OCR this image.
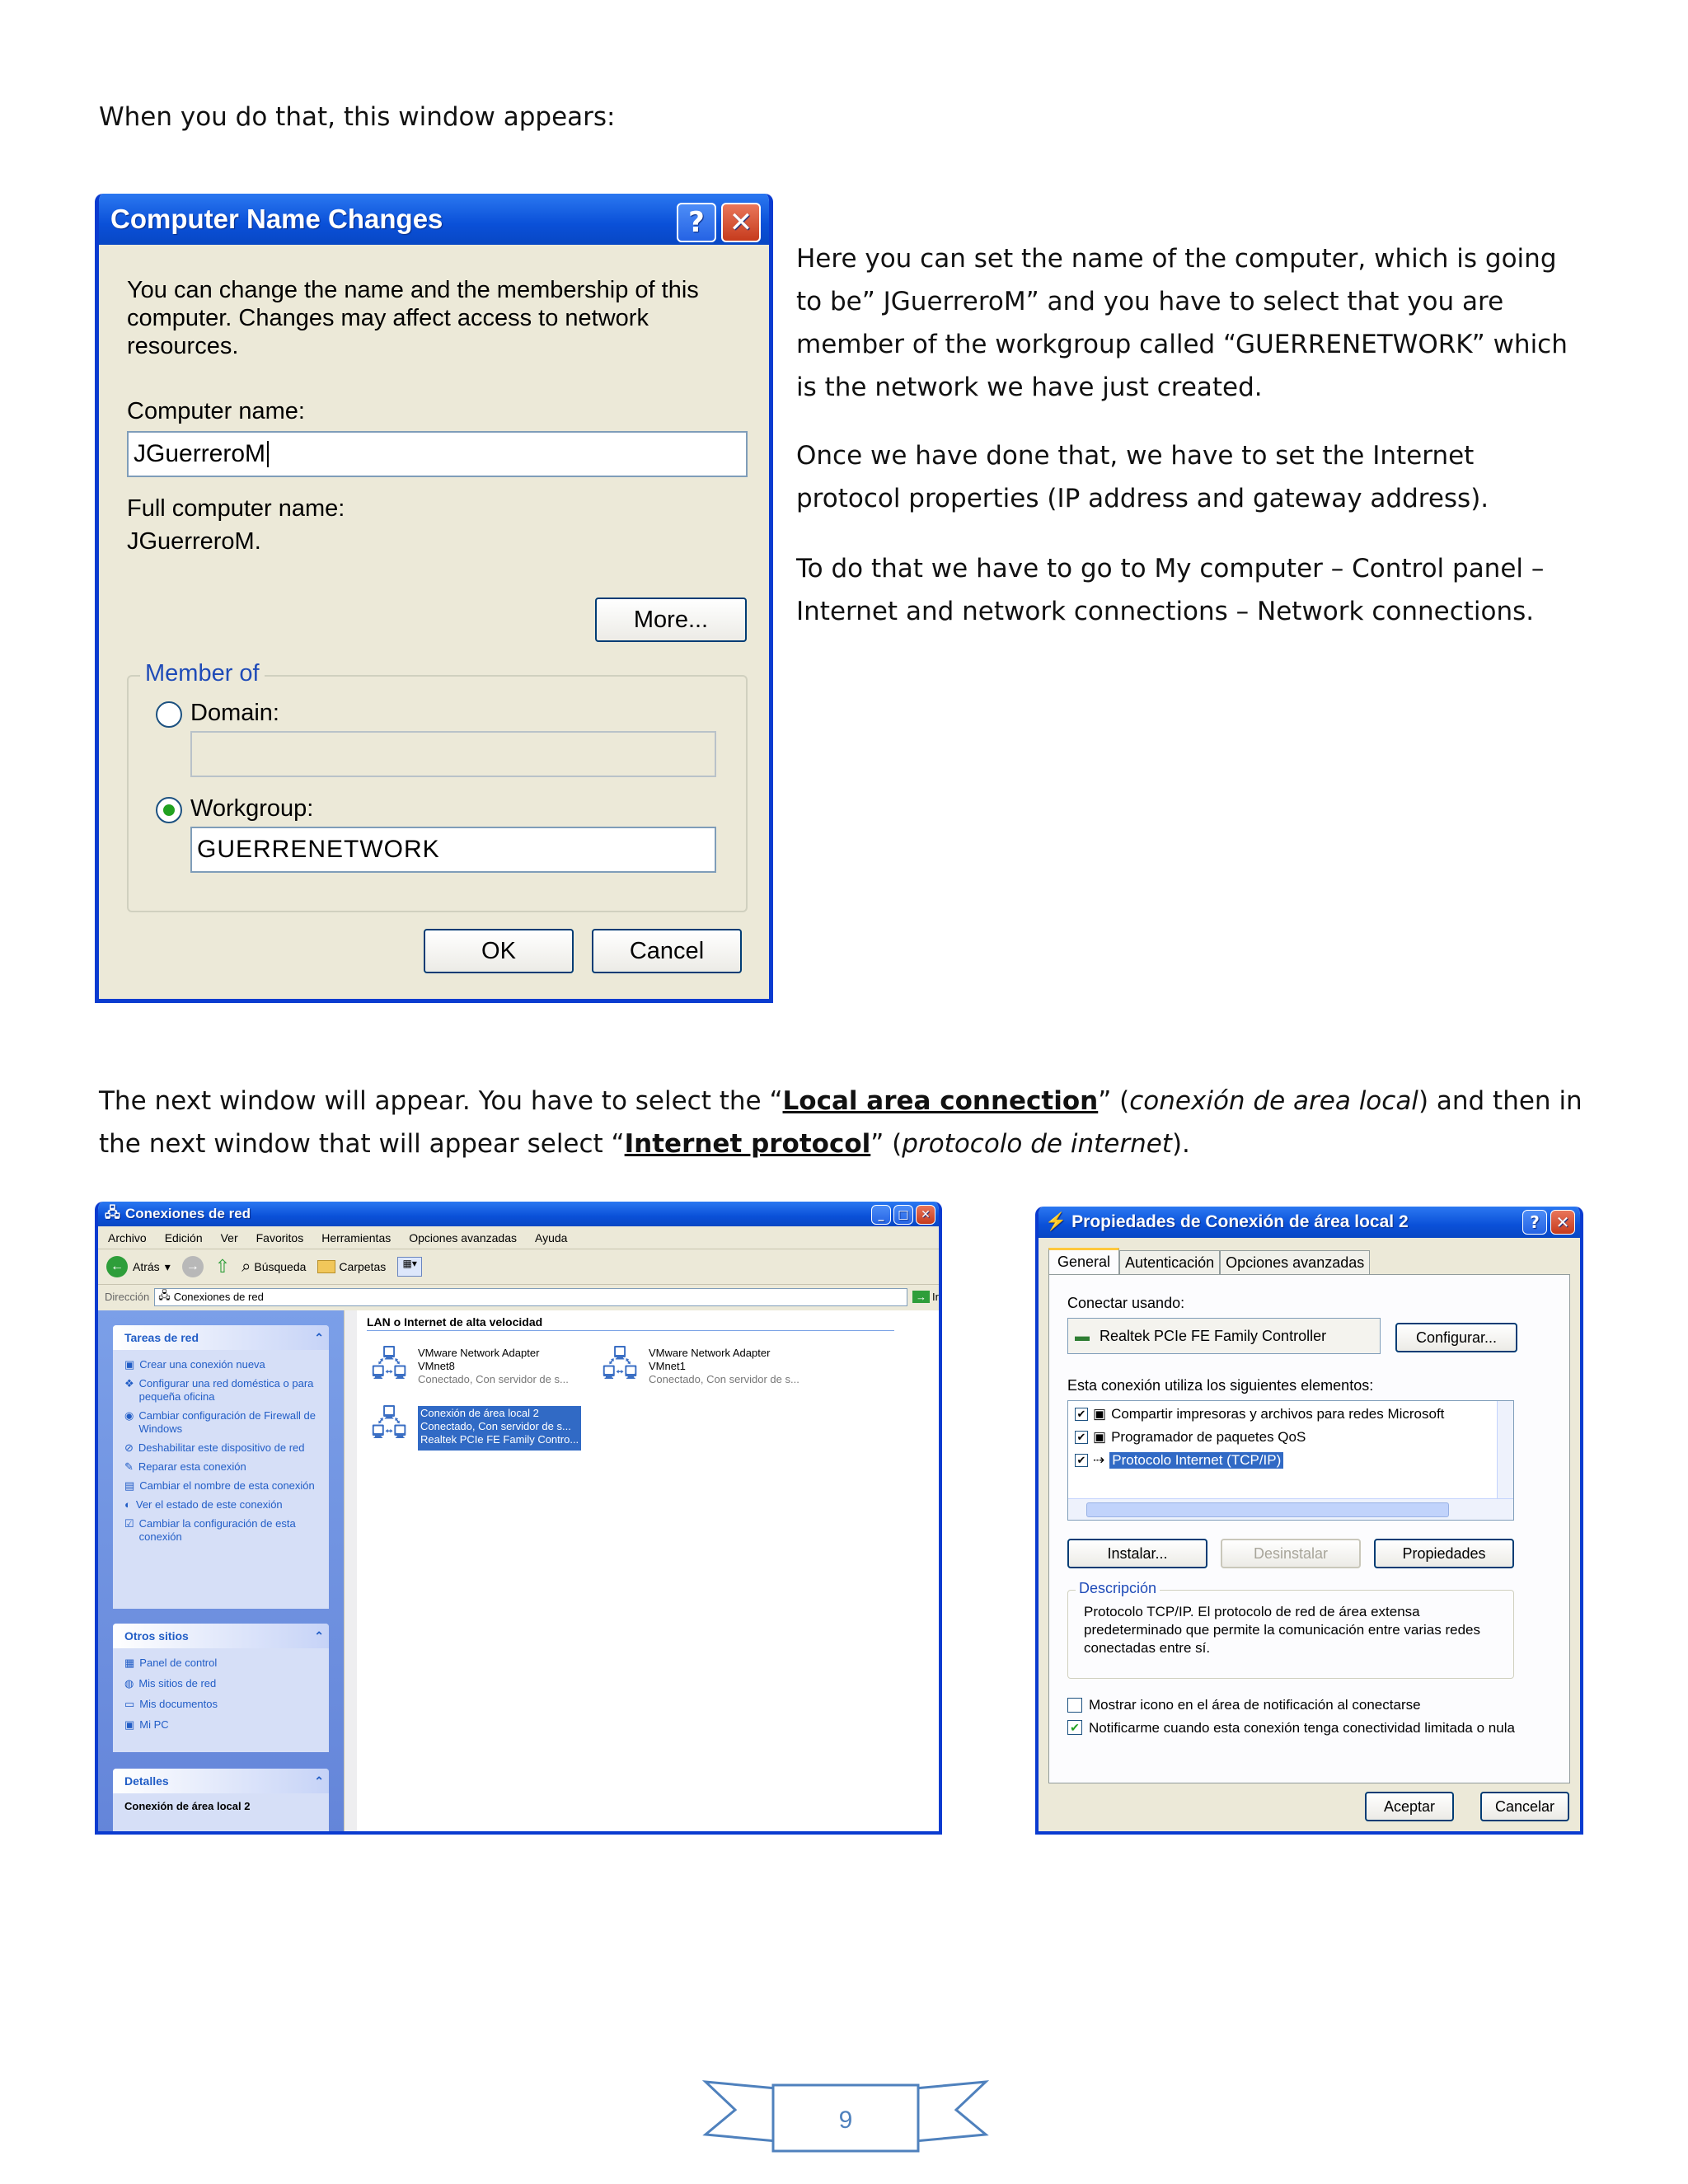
When you do that, this window appears:
Computer Name Changes	? ✕
You can change the name and the membership of this computer. Changes may affect access to network resources.
Computer name:
JGuerreroM
Full computer name:
JGuerreroM.
More...
Member of
Domain:
Workgroup:
GUERRENETWORK
OK	Cancel
Here you can set the name of the computer, which is going to be” JGuerreroM” and you have to select that you are member of the workgroup called “GUERRENETWORK” which is the network we have just created.
Once we have done that, we have to set the Internet protocol properties (IP address and gateway address).
To do that we have to go to My computer – Control panel – Internet and network connections – Network connections.
The next window will appear. You have to select the “Local area connection” (conexión de area local) and then in the next window that will appear select “Internet protocol” (protocolo de internet).
🖧 Conexiones de red	_	□	✕
Archivo Edición Ver Favoritos Herramientas Opciones avanzadas Ayuda
← Atrás ▾	→ ⇧ ⌕ Búsqueda	Carpetas	▦▾
Dirección 🖧 Conexiones de red	→ Ir
Tareas de red	⌃
▣ Crear una conexión nueva
❖ Configurar una red doméstica o para pequeña oficina
◉ Cambiar configuración de Firewall de Windows
⊘ Deshabilitar este dispositivo de red
✎ Reparar esta conexión
▤ Cambiar el nombre de esta conexión
◐ Ver el estado de este conexión
☑ Cambiar la configuración de esta conexión
Otros sitios	⌃
▦ Panel de control
◍ Mis sitios de red
▭ Mis documentos
▣ Mi PC
Detalles	⌃
Conexión de área local 2
LAN o Internet de alta velocidad
🖧 VMware Network Adapter
VMnet8
Conectado, Con servidor de s... 🖧 VMware Network Adapter
VMnet1
Conectado, Con servidor de s...
🖧	Conexión de área local 2
Conectado, Con servidor de s...
Realtek PCIe FE Family Contro...
⚡ Propiedades de Conexión de área local 2	? ✕
General	Autenticación Opciones avanzadas
Conectar usando:
▬ Realtek PCIe FE Family Controller	Configurar...
Esta conexión utiliza los siguientes elementos:
✔ ▣ Compartir impresoras y archivos para redes Microsoft
✔ ▣ Programador de paquetes QoS
✔ ⇢ Protocolo Internet (TCP/IP)
Instalar...	Desinstalar	Propiedades
Descripción
Protocolo TCP/IP. El protocolo de red de área extensa predeterminado que permite la comunicación entre varias redes conectadas entre sí.
Mostrar icono en el área de notificación al conectarse
✔ Notificarme cuando esta conexión tenga conectividad limitada o nula
Aceptar	Cancelar
9
